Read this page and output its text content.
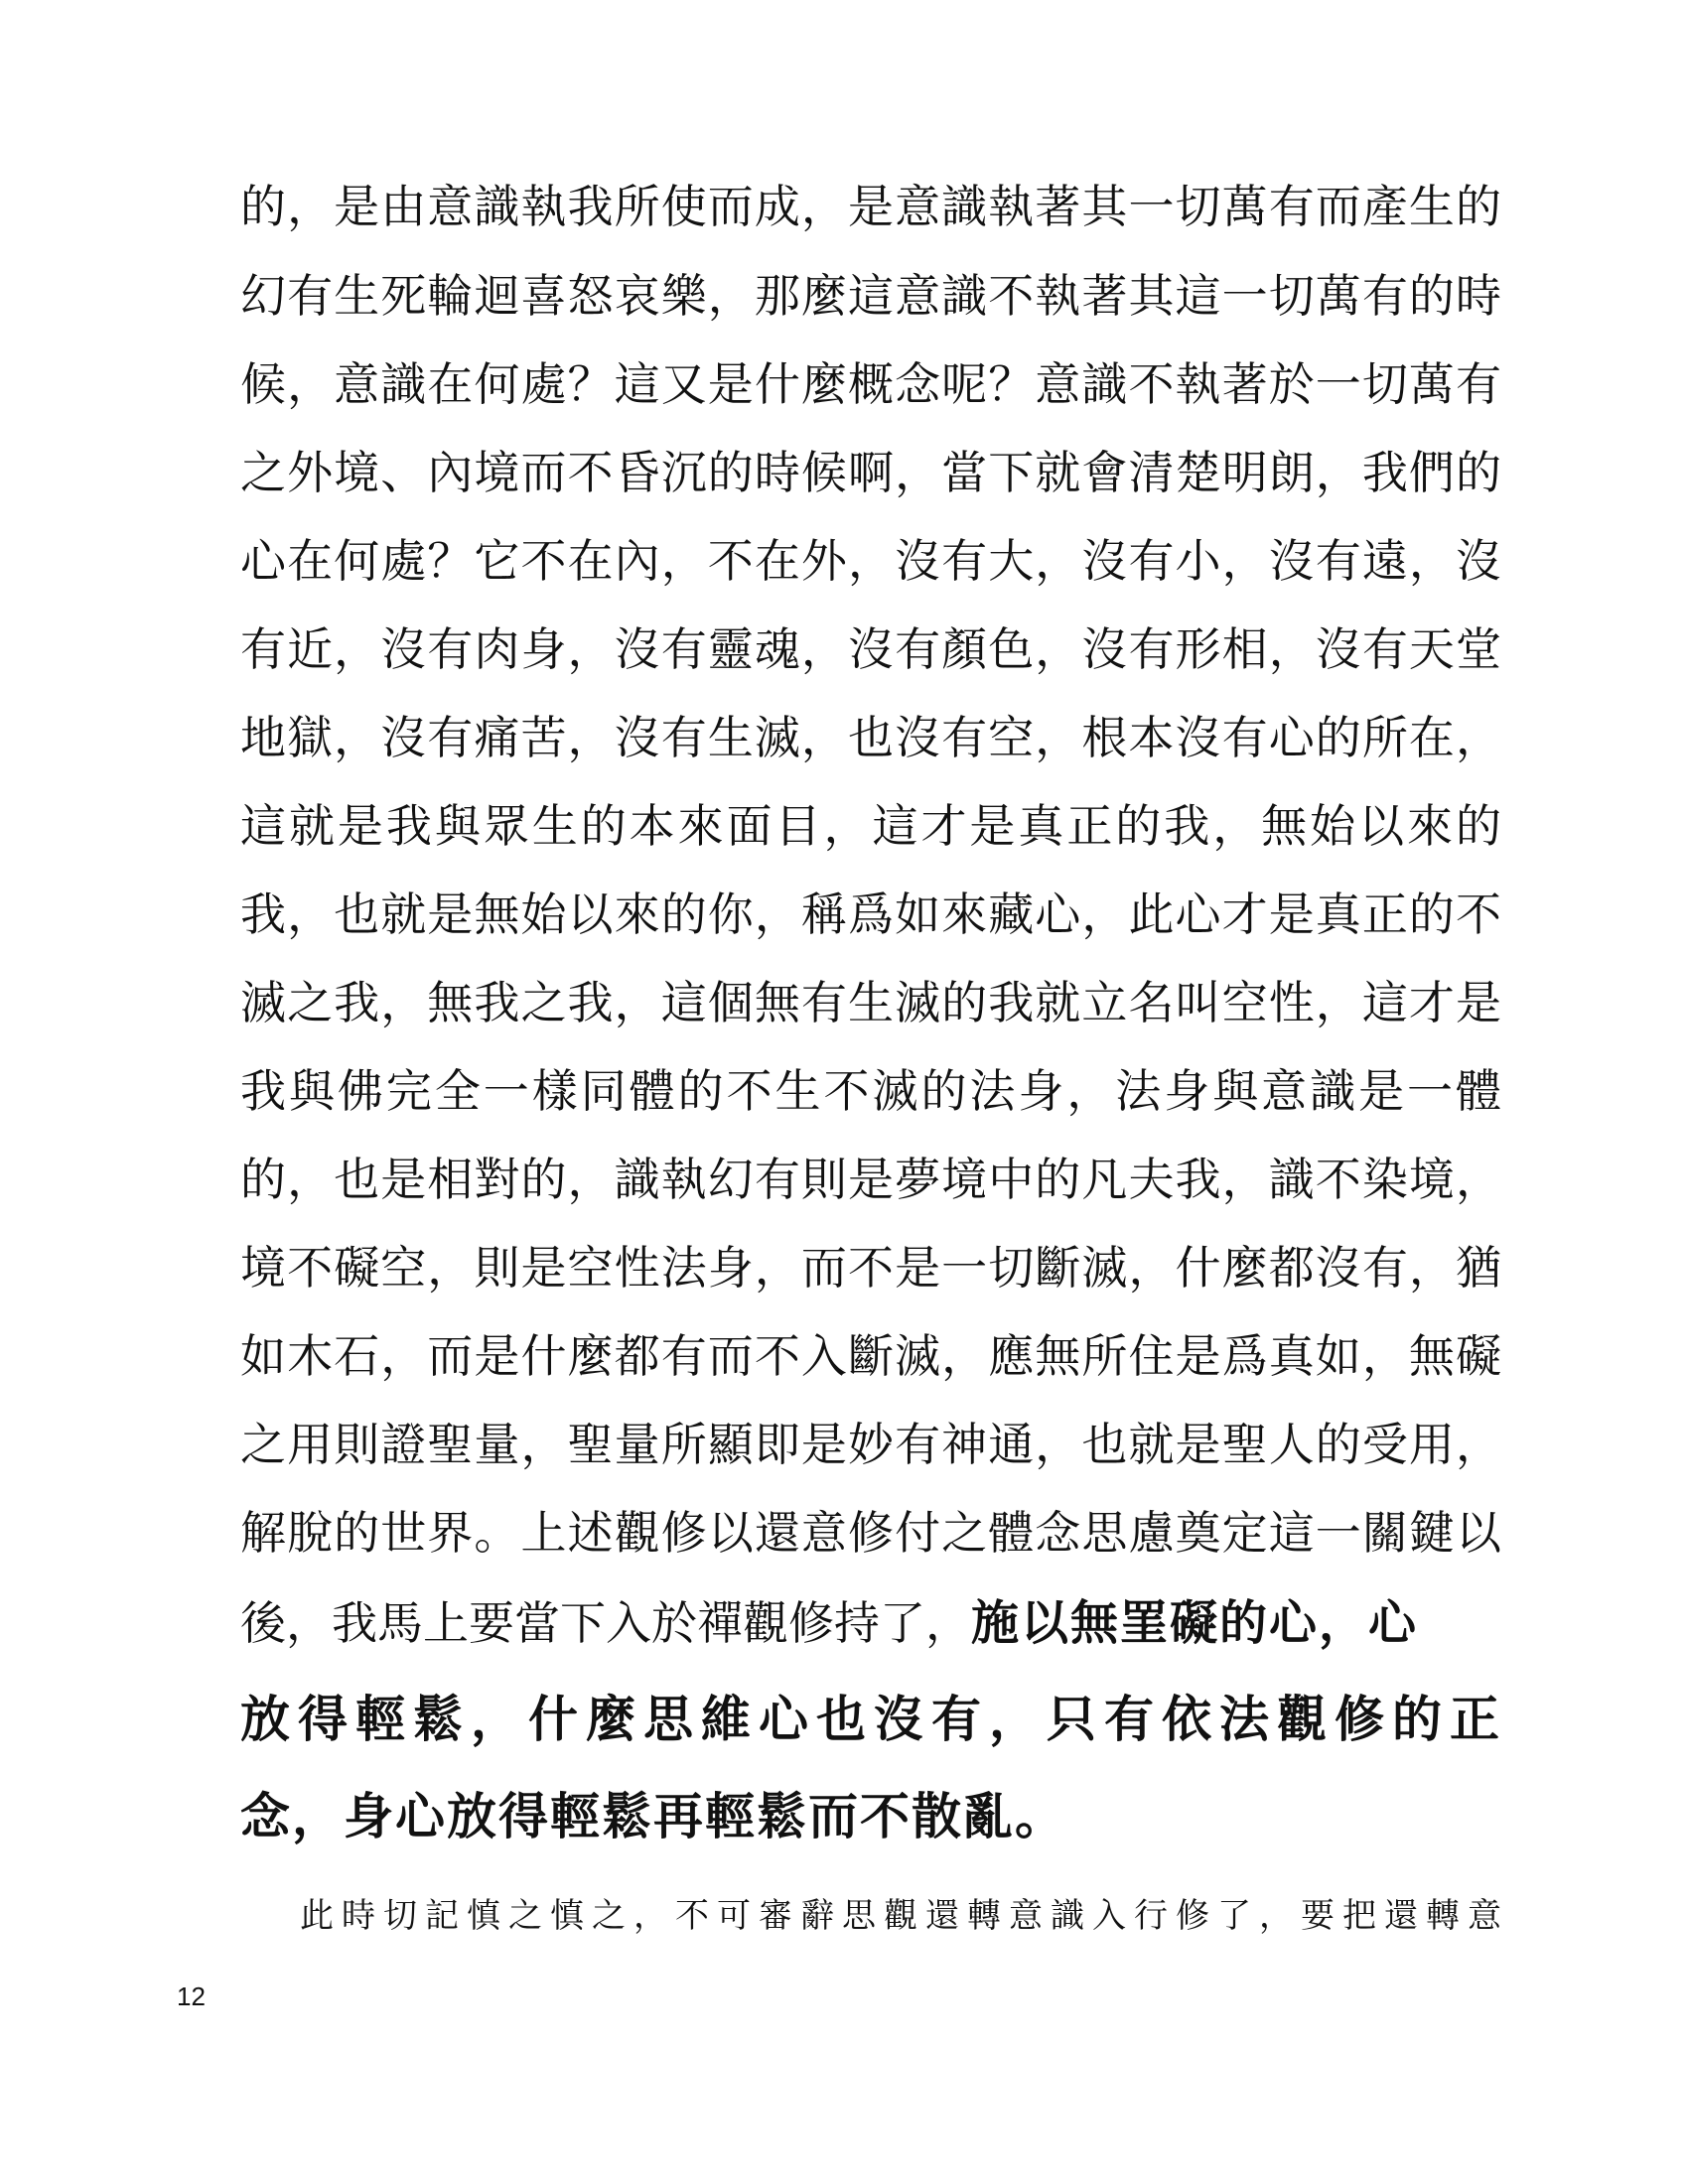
的，是由意識執我所使而成，是意識執著其一切萬有而產生的
幻有生死輪迴喜怒哀樂，那麼這意識不執著其這一切萬有的時
候，意識在何處？這又是什麼概念呢？意識不執著於一切萬有
之外境、內境而不昏沉的時候啊，當下就會清楚明朗，我們的
心在何處？它不在內，不在外，沒有大，沒有小，沒有遠，沒
有近，沒有肉身，沒有靈魂，沒有顏色，沒有形相，沒有天堂
地獄，沒有痛苦，沒有生滅，也沒有空，根本沒有心的所在，
這就是我與眾生的本來面目，這才是真正的我，無始以來的
我，也就是無始以來的你，稱爲如來藏心，此心才是真正的不
滅之我，無我之我，這個無有生滅的我就立名叫空性，這才是
我與佛完全一樣同體的不生不滅的法身，法身與意識是一體
的，也是相對的，識執幻有則是夢境中的凡夫我，識不染境，
境不礙空，則是空性法身，而不是一切斷滅，什麼都沒有，猶
如木石，而是什麼都有而不入斷滅，應無所住是爲真如，無礙
之用則證聖量，聖量所顯即是妙有神通，也就是聖人的受用，
解脫的世界。上述觀修以還意修付之體念思慮奠定這一關鍵以
後，我馬上要當下入於禪觀修持了，施以無罣礙的心，心
放得輕鬆，什麼思維心也沒有，只有依法觀修的正
念，身心放得輕鬆再輕鬆而不散亂。
此時切記慎之慎之，不可審辭思觀還轉意識入行修了，要把還轉意
12
